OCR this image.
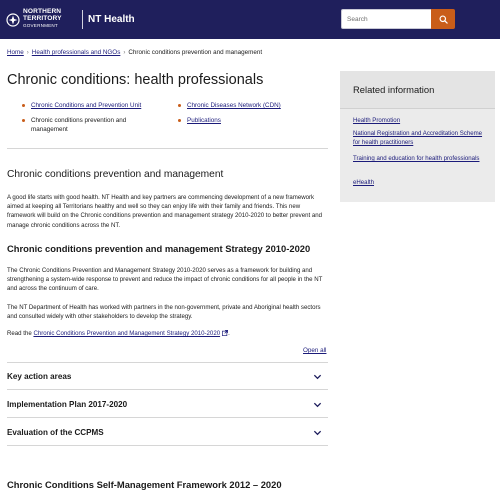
NORTHERN
TERRITORY
GOVERNMENT
NT Health
Search
Home › Health professionals and NGOs › Chronic conditions prevention and management
Chronic conditions: health professionals
Chronic Conditions and Prevention Unit	Chronic Diseases Network (CDN)
Chronic conditions prevention and management
Publications
Chronic conditions prevention and management

A good life starts with good health. NT Health and key partners are commencing development of a new framework aimed at keeping all Territorians healthy and well so they can enjoy life with their family and friends. This new framework will build on the Chronic conditions prevention and management strategy 2010-2020 to better prevent and manage chronic conditions across the NT.

Chronic conditions prevention and management Strategy 2010-2020

The Chronic Conditions Prevention and Management Strategy 2010-2020 serves as a framework for building and strengthening a system-wide response to prevent and reduce the impact of chronic conditions for all people in the NT and across the continuum of care.

The NT Department of Health has worked with partners in the non-government, private and Aboriginal health sectors and consulted widely with other stakeholders to develop the strategy.

Read the Chronic Conditions Prevention and Management Strategy 2010-2020 .

Open all
Key action areas
Implementation Plan 2017-2020
Evaluation of the CCPMS
Chronic Conditions Self-Management Framework 2012 – 2020
Related information
Health Promotion
National Registration and Accreditation Scheme for health practitioners
Training and education for health professionals
eHealth
